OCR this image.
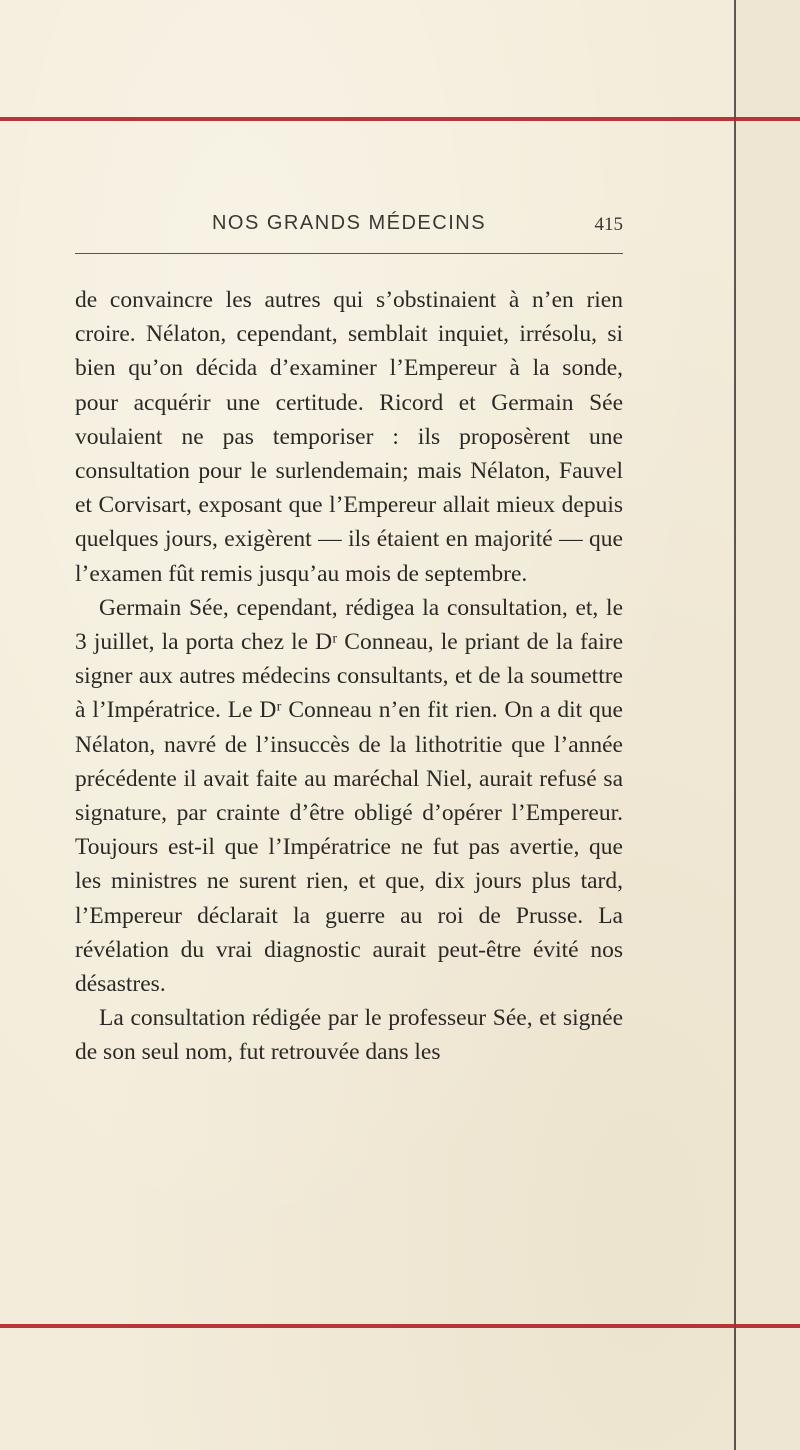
NOS GRANDS MÉDECINS	415

de convaincre les autres qui s’obstinaient à n’en rien croire. Nélaton, cependant, semblait inquiet, irrésolu, si bien qu’on décida d’examiner l’Empereur à la sonde, pour acquérir une certitude. Ricord et Germain Sée voulaient ne pas temporiser : ils proposèrent une consultation pour le surlendemain; mais Nélaton, Fauvel et Corvisart, exposant que l’Empereur allait mieux depuis quelques jours, exigèrent — ils étaient en majorité — que l’examen fût remis jusqu’au mois de septembre.

Germain Sée, cependant, rédigea la consultation, et, le 3 juillet, la porta chez le Dʳ Conneau, le priant de la faire signer aux autres médecins consultants, et de la soumettre à l’Impératrice. Le Dʳ Conneau n’en fit rien. On a dit que Nélaton, navré de l’insuccès de la lithotritie que l’année précédente il avait faite au maréchal Niel, aurait refusé sa signature, par crainte d’être obligé d’opérer l’Empereur. Toujours est-il que l’Impératrice ne fut pas avertie, que les ministres ne surent rien, et que, dix jours plus tard, l’Empereur déclarait la guerre au roi de Prusse. La révélation du vrai diagnostic aurait peut-être évité nos désastres.

La consultation rédigée par le professeur Sée, et signée de son seul nom, fut retrouvée dans les
